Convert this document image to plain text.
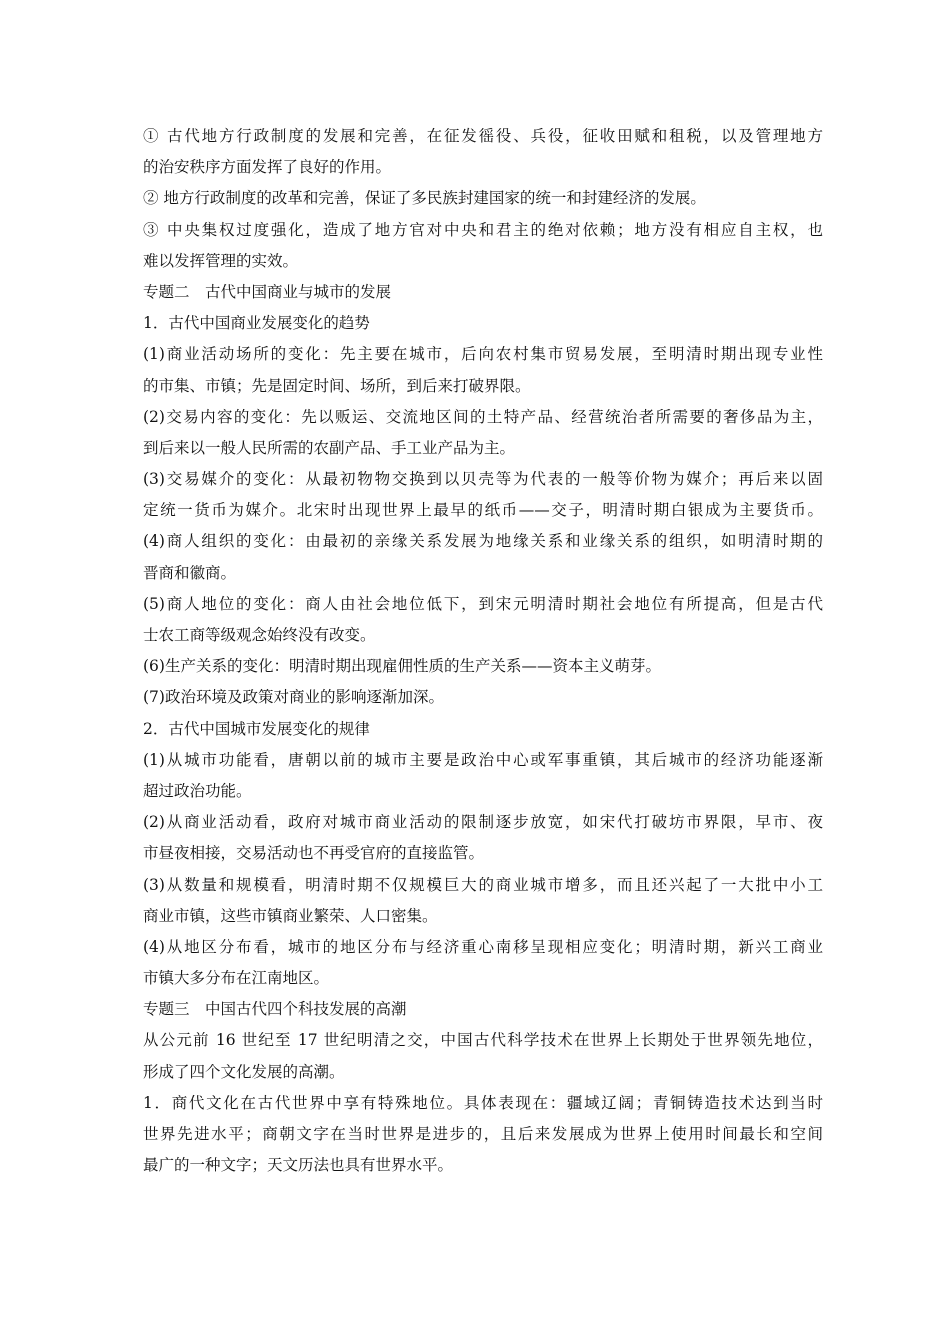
① 古代地方行政制度的发展和完善，在征发徭役、兵役，征收田赋和租税，以及管理地方
的治安秩序方面发挥了良好的作用。
② 地方行政制度的改革和完善，保证了多民族封建国家的统一和封建经济的发展。
③ 中央集权过度强化，造成了地方官对中央和君主的绝对依赖；地方没有相应自主权，也
难以发挥管理的实效。
专题二　古代中国商业与城市的发展
1．古代中国商业发展变化的趋势
(1)商业活动场所的变化：先主要在城市，后向农村集市贸易发展，至明清时期出现专业性
的市集、市镇；先是固定时间、场所，到后来打破界限。
(2)交易内容的变化：先以贩运、交流地区间的土特产品、经营统治者所需要的奢侈品为主，
到后来以一般人民所需的农副产品、手工业产品为主。
(3)交易媒介的变化：从最初物物交换到以贝壳等为代表的一般等价物为媒介；再后来以固
定统一货币为媒介。北宋时出现世界上最早的纸币——交子，明清时期白银成为主要货币。
(4)商人组织的变化：由最初的亲缘关系发展为地缘关系和业缘关系的组织，如明清时期的
晋商和徽商。
(5)商人地位的变化：商人由社会地位低下，到宋元明清时期社会地位有所提高，但是古代
士农工商等级观念始终没有改变。
(6)生产关系的变化：明清时期出现雇佣性质的生产关系——资本主义萌芽。
(7)政治环境及政策对商业的影响逐渐加深。
2．古代中国城市发展变化的规律
(1)从城市功能看，唐朝以前的城市主要是政治中心或军事重镇，其后城市的经济功能逐渐
超过政治功能。
(2)从商业活动看，政府对城市商业活动的限制逐步放宽，如宋代打破坊市界限，早市、夜
市昼夜相接，交易活动也不再受官府的直接监管。
(3)从数量和规模看，明清时期不仅规模巨大的商业城市增多，而且还兴起了一大批中小工
商业市镇，这些市镇商业繁荣、人口密集。
(4)从地区分布看，城市的地区分布与经济重心南移呈现相应变化；明清时期，新兴工商业
市镇大多分布在江南地区。
专题三　中国古代四个科技发展的高潮
从公元前 16 世纪至 17 世纪明清之交，中国古代科学技术在世界上长期处于世界领先地位，
形成了四个文化发展的高潮。
1．商代文化在古代世界中享有特殊地位。具体表现在：疆域辽阔；青铜铸造技术达到当时
世界先进水平；商朝文字在当时世界是进步的，且后来发展成为世界上使用时间最长和空间
最广的一种文字；天文历法也具有世界水平。
